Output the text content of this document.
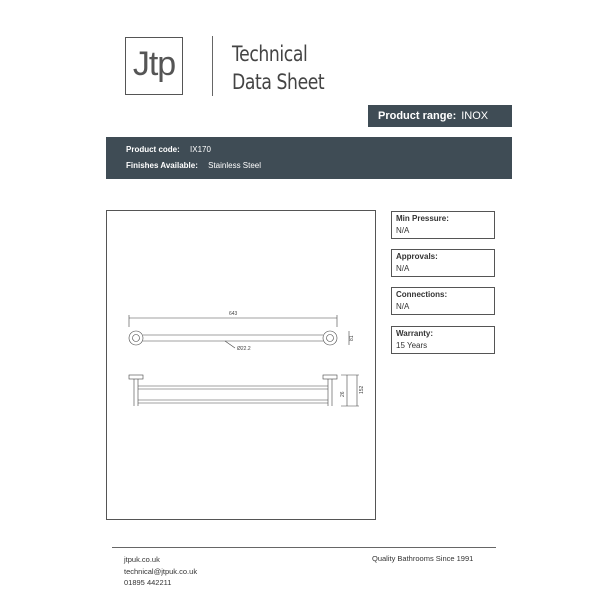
Jtp	Technical
Data Sheet
Product range: INOX
Product code: IX170
Finishes Available: Stainless Steel
643
Ø22.2
81
152
26
Min Pressure:
N/A
Approvals:
N/A
Connections:
N/A
Warranty:
15 Years
jtpuk.co.uk
technical@jtpuk.co.uk
01895 442211
Quality Bathrooms Since 1991
